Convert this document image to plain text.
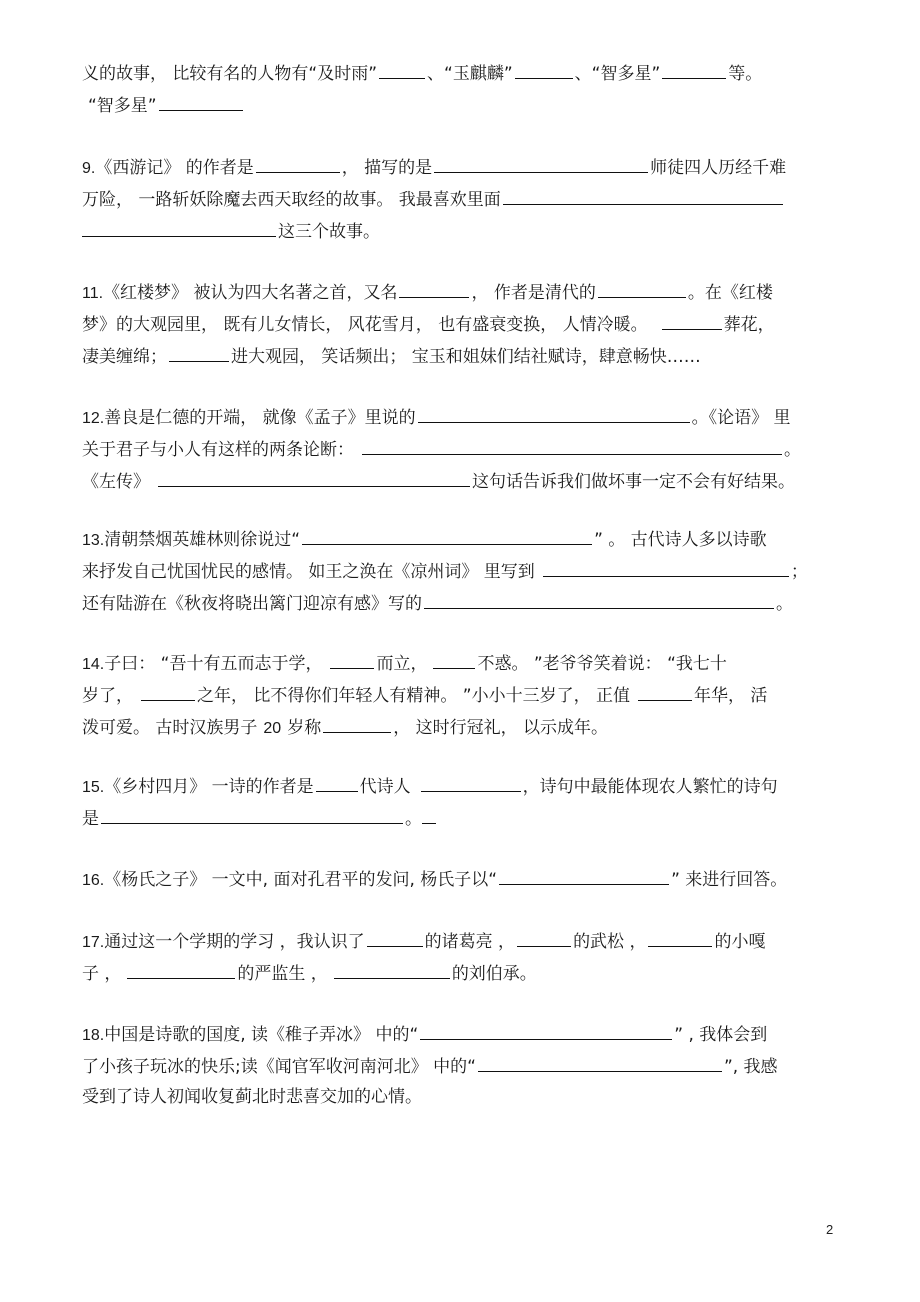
义的故事， 比较有名的人物有“及时雨”	、“玉麒麟”	、“智多星”	等。
“智多星”
9.《西游记》 的作者是	， 描写的是	师徒四人历经千难
万险， 一路斩妖除魔去西天取经的故事。 我最喜欢里面
这三个故事。
11.《红楼梦》 被认为四大名著之首，又名	， 作者是清代的	。在《红楼
梦》的大观园里， 既有儿女情长， 风花雪月， 也有盛衰变换， 人情冷暖。	葬花，
凄美缠绵；	进大观园， 笑话频出； 宝玉和姐妹们结社赋诗，肆意畅快……
12.善良是仁德的开端， 就像《孟子》里说的	。《论语》 里
关于君子与小人有这样的两条论断：	。
《左传》	这句话告诉我们做坏事一定不会有好结果。
13.清朝禁烟英雄林则徐说过“	” 。 古代诗人多以诗歌
来抒发自己忧国忧民的感情。 如王之涣在《凉州词》 里写到	；
还有陆游在《秋夜将晓出篱门迎凉有感》写的	。
14.子曰： “吾十有五而志于学，	而立，	不惑。 ”老爷爷笑着说： “我七十
岁了，	之年， 比不得你们年轻人有精神。 ”小小十三岁了， 正值	年华， 活
泼可爱。 古时汉族男子 20 岁称	， 这时行冠礼， 以示成年。
15.《乡村四月》 一诗的作者是	代诗人	，诗句中最能体现农人繁忙的诗句
是	。
16.《杨氏之子》 一文中, 面对孔君平的发问, 杨氏子以“	” 来进行回答。
17.通过这一个学期的学习 ，我认识了	的诸葛亮 ，	的武松 ，	的小嘎
子 ，	的严监生 ，	的刘伯承。
18.中国是诗歌的国度, 读《稚子弄冰》 中的“	” , 我体会到
了小孩子玩冰的快乐;读《闻官军收河南河北》 中的“	”, 我感
受到了诗人初闻收复蓟北时悲喜交加的心情。
2
